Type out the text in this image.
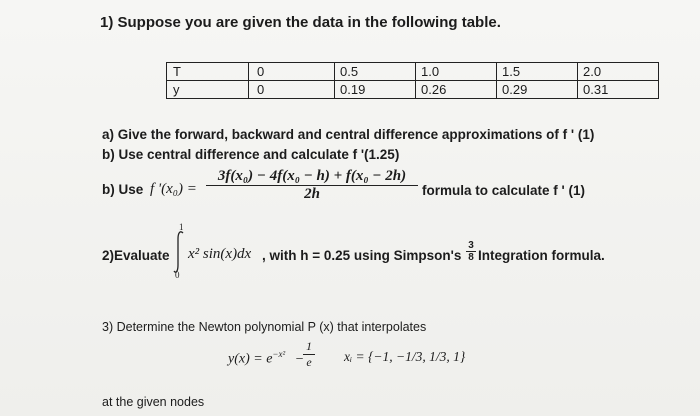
1) Suppose you are given the data in the following table.
T	0	0.5	1.0	1.5	2.0
y	0	0.19	0.26	0.29	0.31
a) Give the forward, backward and central difference approximations of f ' (1)
b) Use central difference and calculate f '(1.25)
b) Use f '$(x_0) = \frac{\text{3f(x₀) − 4f(x₀ − h) + f(x₀ − 2h)}}{2h}$ formula to calculate f ' (1)
2)Evaluate
1
0
x² sin(x)dx , with h = 0.25 using Simpson's $\frac{3}{8}$ Integration formula.
3) Determine the Newton polynomial P (x) that interpolates
$y(x) = e^{-x^2}$ −
$\frac{1}{e}$ xᵢ = {−1, −1/3, 1/3, 1}
at the given nodes
